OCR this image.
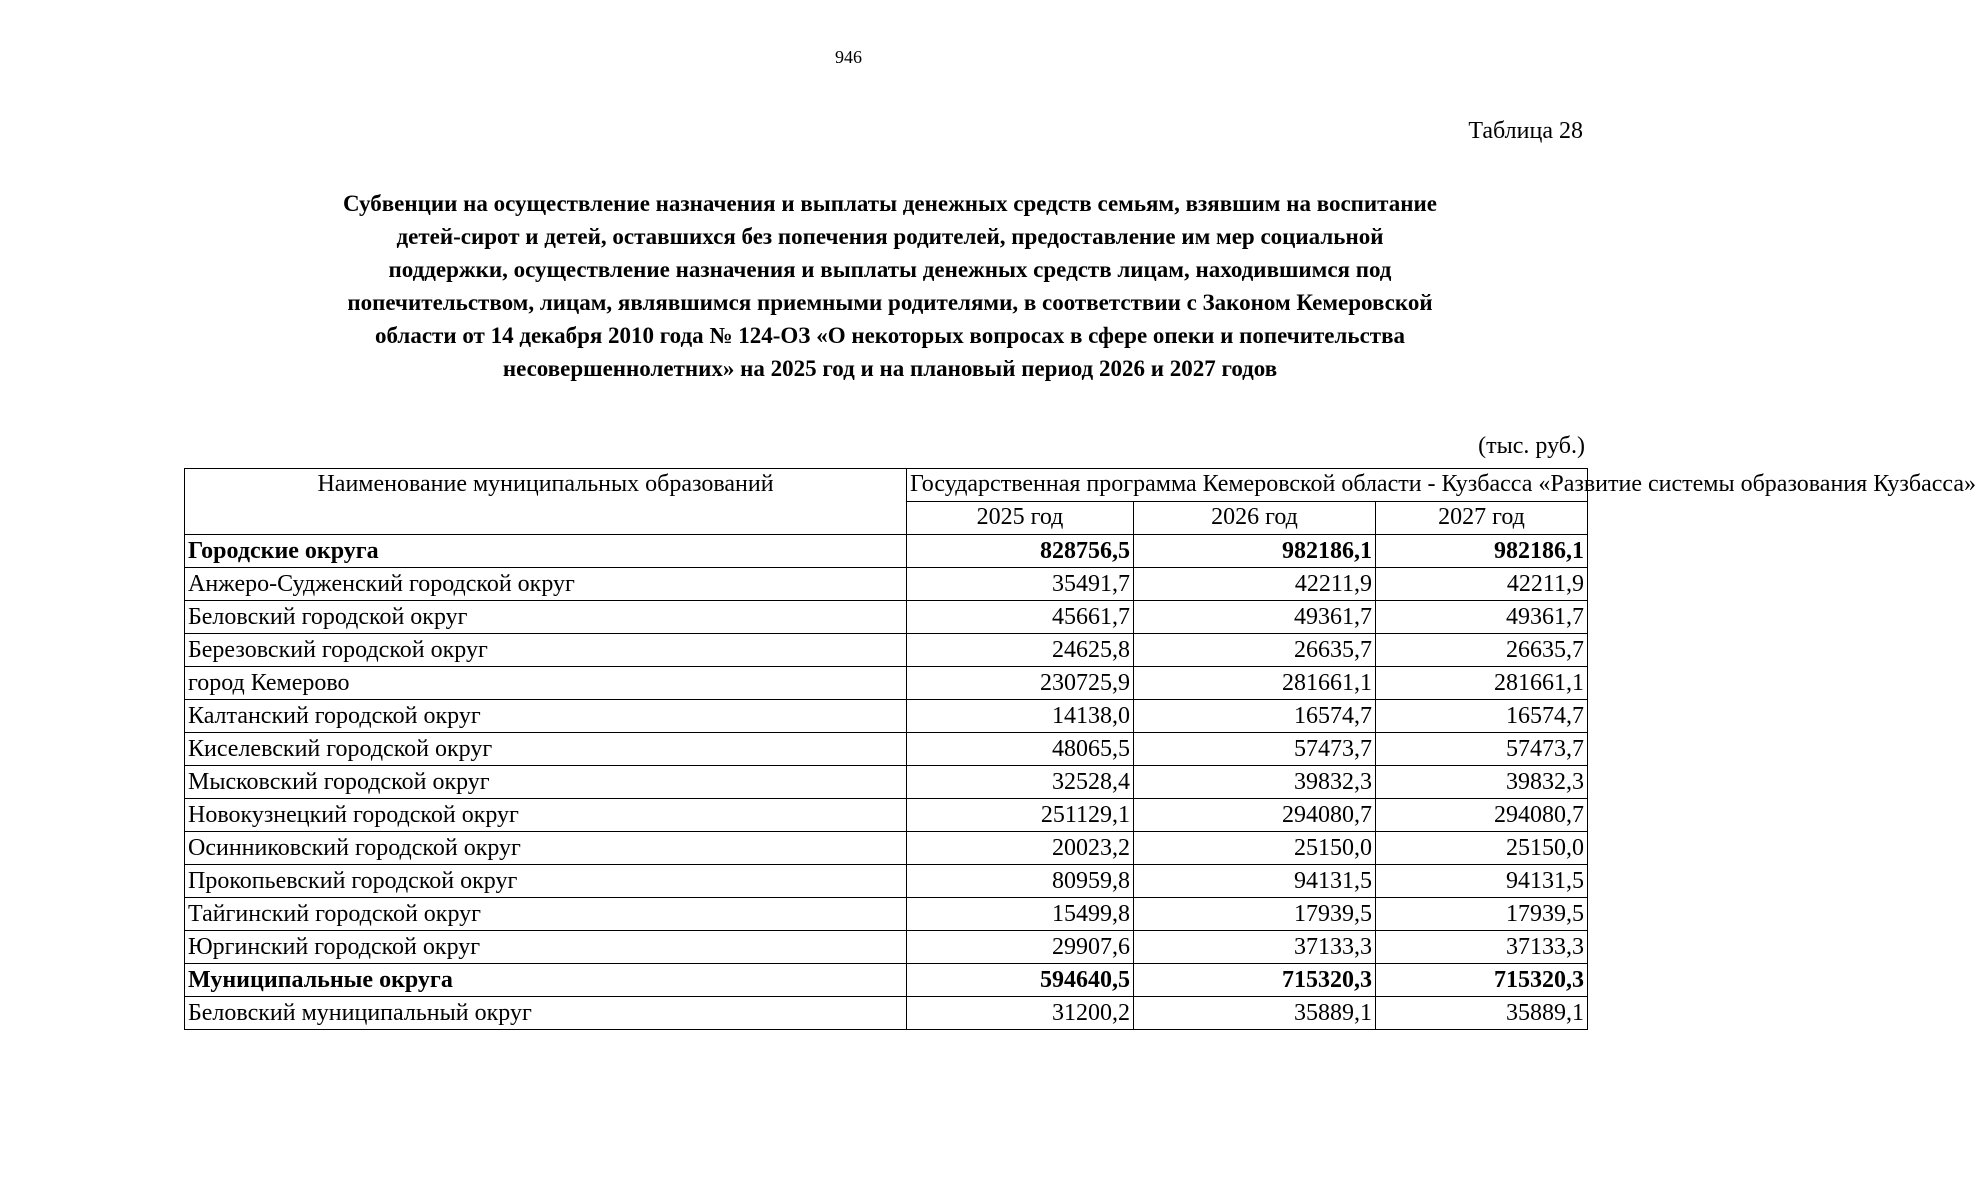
946
Таблица 28
Субвенции на осуществление назначения и выплаты денежных средств семьям, взявшим на воспитание
детей-сирот и детей, оставшихся без попечения родителей, предоставление им мер социальной
поддержки, осуществление назначения и выплаты денежных средств лицам, находившимся под
попечительством, лицам, являвшимся приемными родителями, в соответствии с Законом Кемеровской
области от 14 декабря 2010 года № 124-ОЗ «О некоторых вопросах в сфере опеки и попечительства
несовершеннолетних» на 2025 год и на плановый период 2026 и 2027 годов
(тыс. руб.)
Наименование муниципальных образований	Государственная программа Кемеровской области - Кузбасса «Развитие системы образования Кузбасса»		
	2025 год	2026 год	2027 год
Городские округа	828756,5	982186,1	982186,1
Анжеро-Судженский городской округ	35491,7	42211,9	42211,9
Беловский городской округ	45661,7	49361,7	49361,7
Березовский городской округ	24625,8	26635,7	26635,7
город Кемерово	230725,9	281661,1	281661,1
Калтанский городской округ	14138,0	16574,7	16574,7
Киселевский городской округ	48065,5	57473,7	57473,7
Мысковский городской округ	32528,4	39832,3	39832,3
Новокузнецкий городской округ	251129,1	294080,7	294080,7
Осинниковский городской округ	20023,2	25150,0	25150,0
Прокопьевский городской округ	80959,8	94131,5	94131,5
Тайгинский городской округ	15499,8	17939,5	17939,5
Юргинский городской округ	29907,6	37133,3	37133,3
Муниципальные округа	594640,5	715320,3	715320,3
Беловский муниципальный округ	31200,2	35889,1	35889,1
